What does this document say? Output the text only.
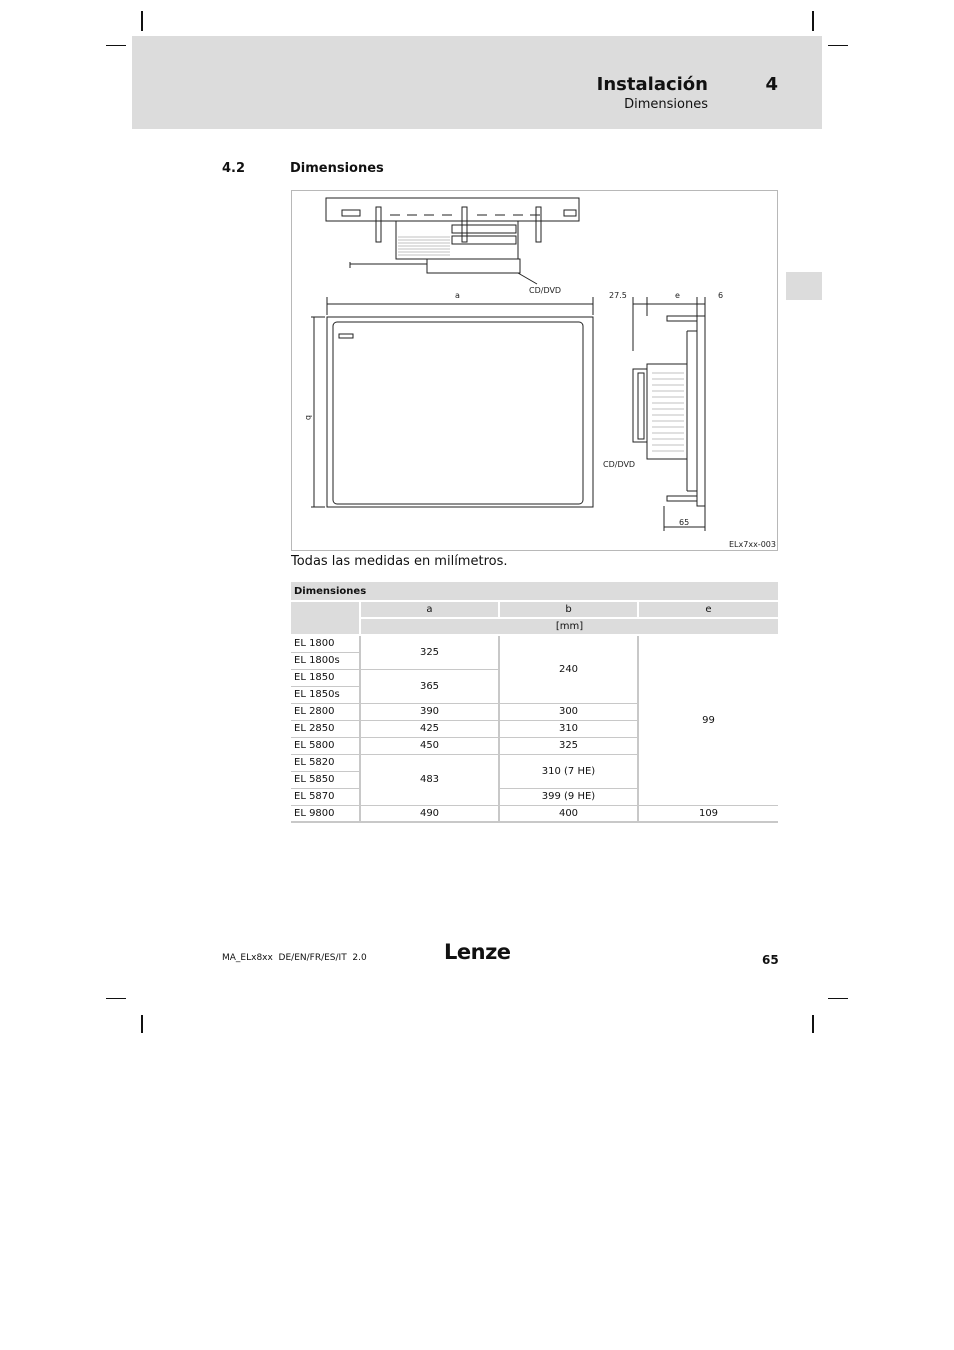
Instalación	4
Dimensiones
4.2	Dimensiones
CD/DVD
a
b
27.5	e	6
CD/DVD
65
ELx7xx-003
Todas las medidas en milímetros.
Dimensiones			
	a	b	e
	[mm]		
EL 1800	325	240	99
EL 1800s			
EL 1850	365		
EL 1850s			
EL 2800	390	300	
EL 2850	425	310	
EL 5800	450	325	
EL 5820	483	310 (7 HE)	
EL 5850			
EL 5870		399 (9 HE)	
EL 9800	490	400	109
MA_ELx8xx  DE/EN/FR/ES/IT  2.0	Lenze	65
